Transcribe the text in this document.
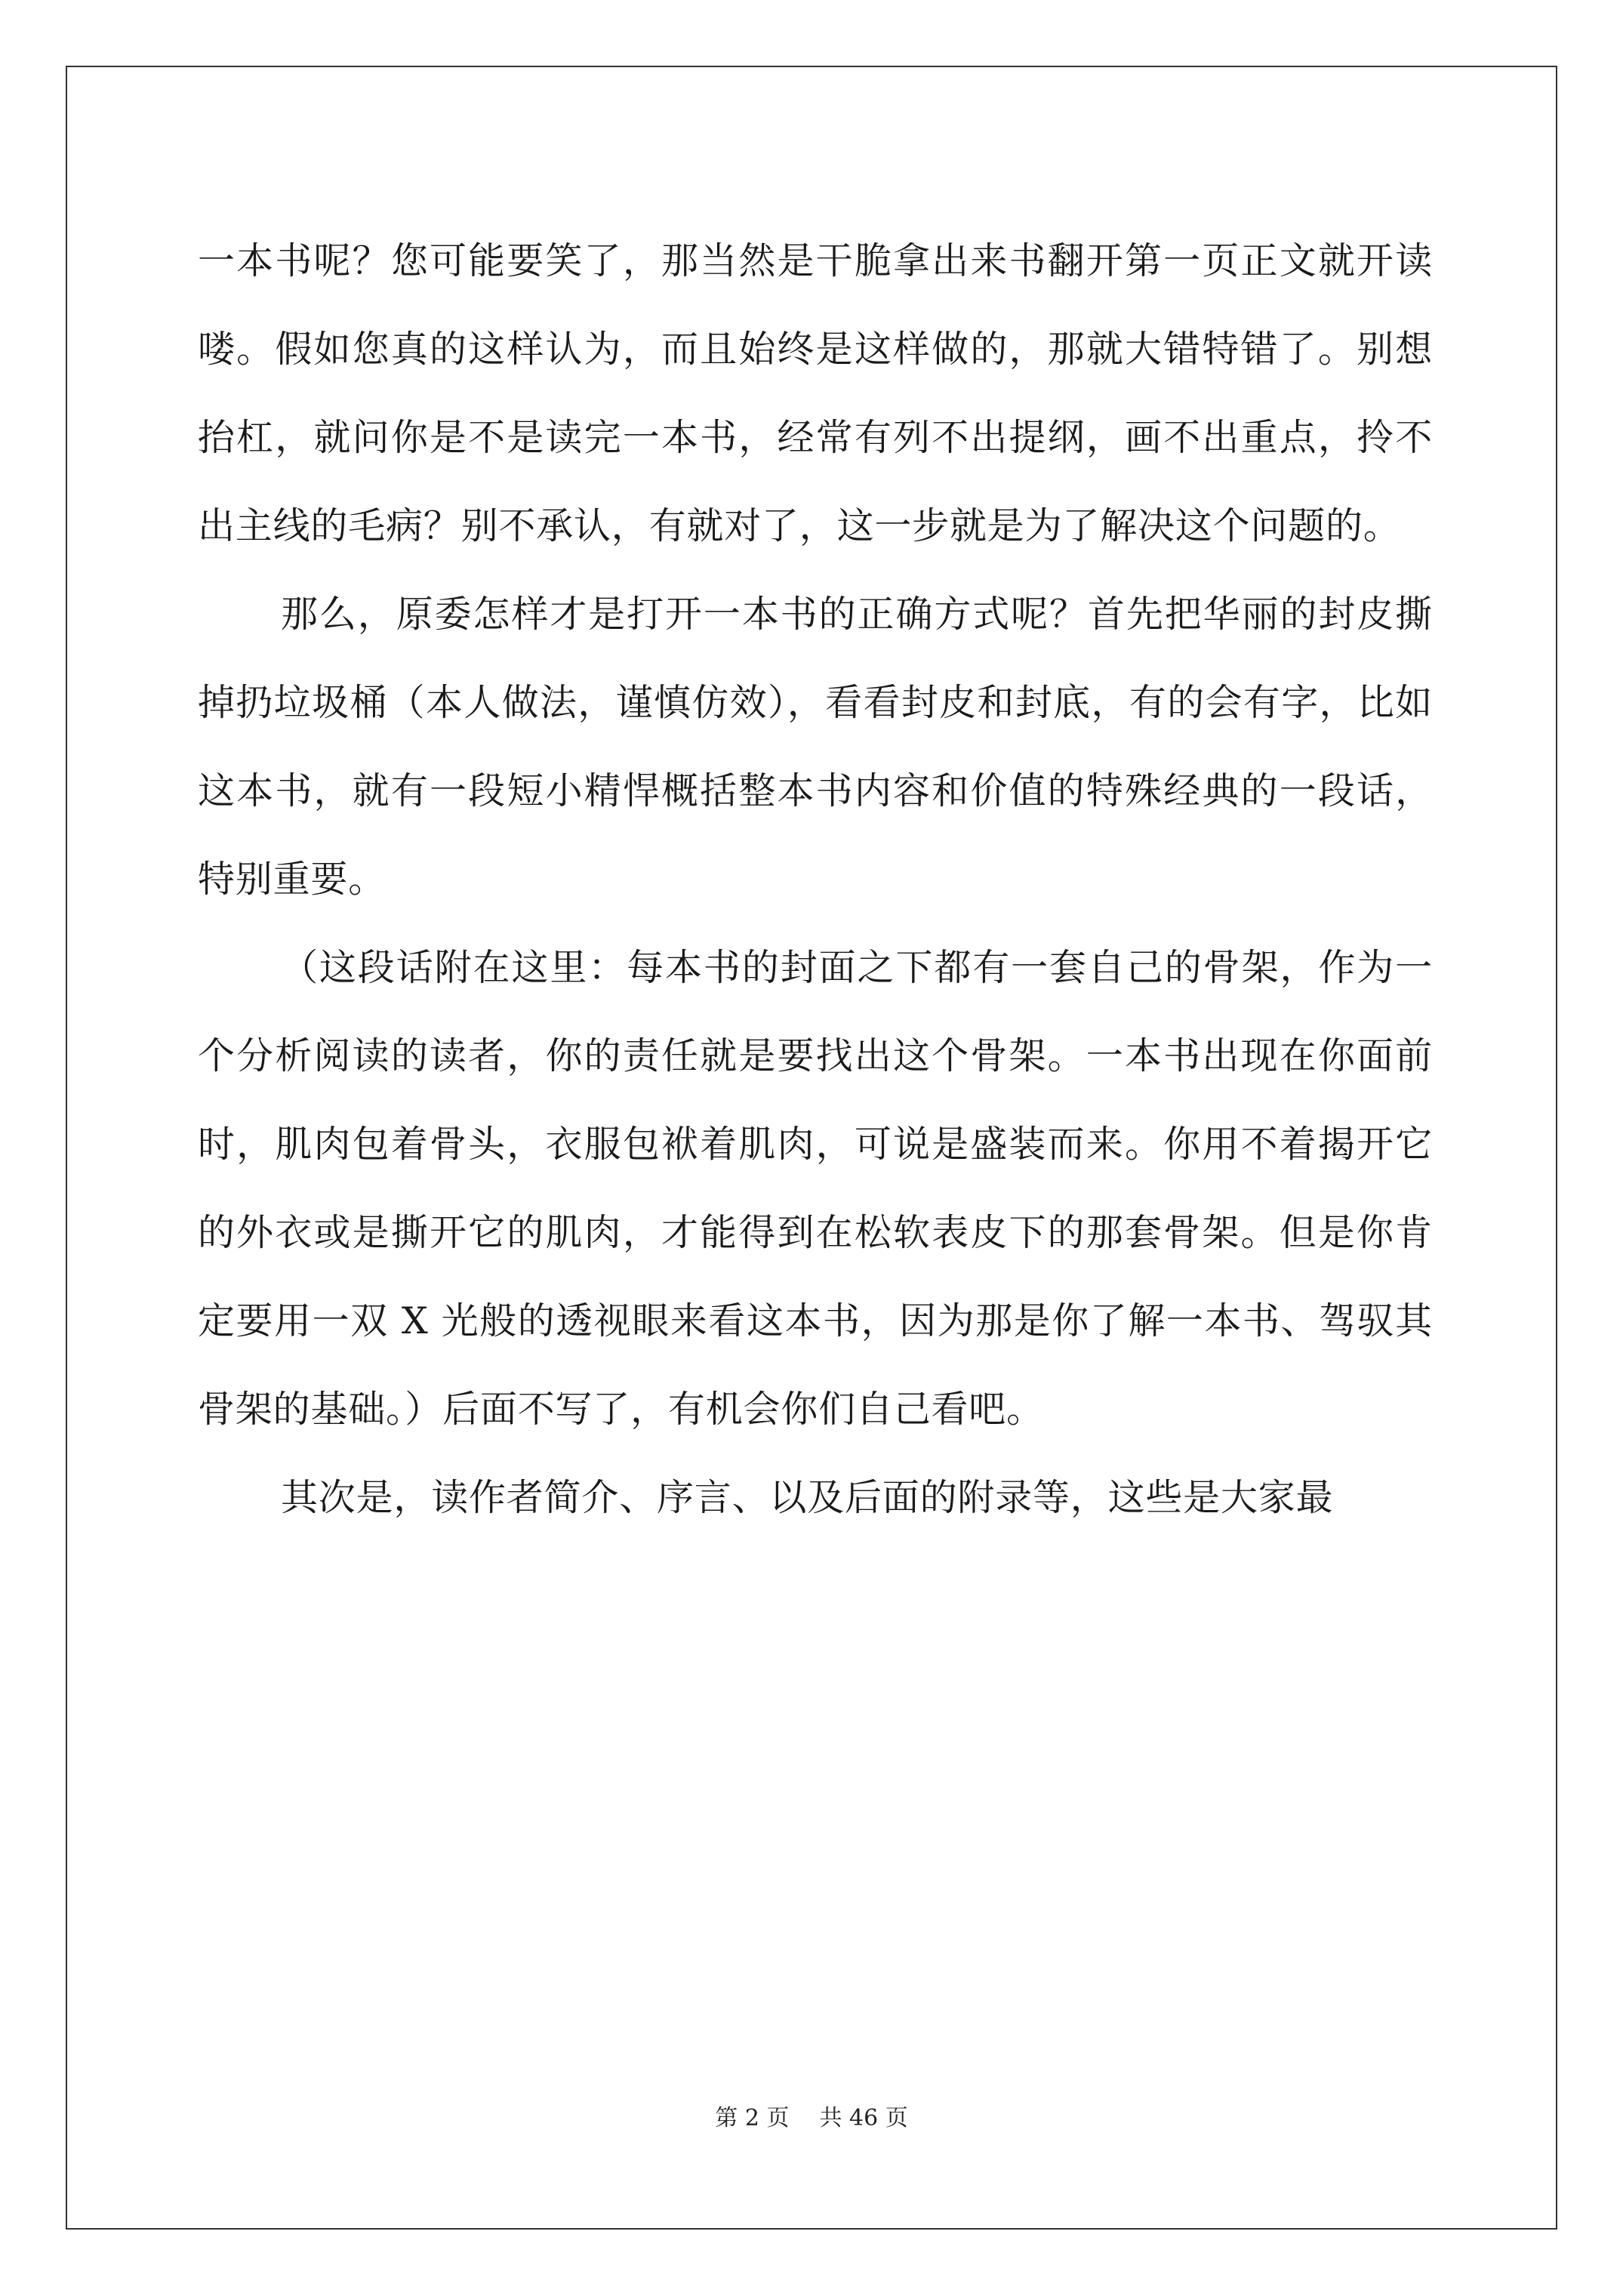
一本书呢？您可能要笑了，那当然是干脆拿出来书翻开第一页正文就开读喽。假如您真的这样认为，而且始终是这样做的，那就大错特错了。别想抬杠，就问你是不是读完一本书，经常有列不出提纲，画不出重点，拎不出主线的毛病？别不承认，有就对了，这一步就是为了解决这个问题的。

那么，原委怎样才是打开一本书的正确方式呢？首先把华丽的封皮撕掉扔垃圾桶（本人做法，谨慎仿效），看看封皮和封底，有的会有字，比如这本书，就有一段短小精悍概括整本书内容和价值的特殊经典的一段话，特别重要。

（这段话附在这里：每本书的封面之下都有一套自己的骨架，作为一个分析阅读的读者，你的责任就是要找出这个骨架。一本书出现在你面前时，肌肉包着骨头，衣服包袱着肌肉，可说是盛装而来。你用不着揭开它的外衣或是撕开它的肌肉，才能得到在松软表皮下的那套骨架。但是你肯定要用一双 X 光般的透视眼来看这本书，因为那是你了解一本书、驾驭其骨架的基础。）后面不写了，有机会你们自己看吧。

其次是，读作者简介、序言、以及后面的附录等，这些是大家最

第 2 页 共 46 页
